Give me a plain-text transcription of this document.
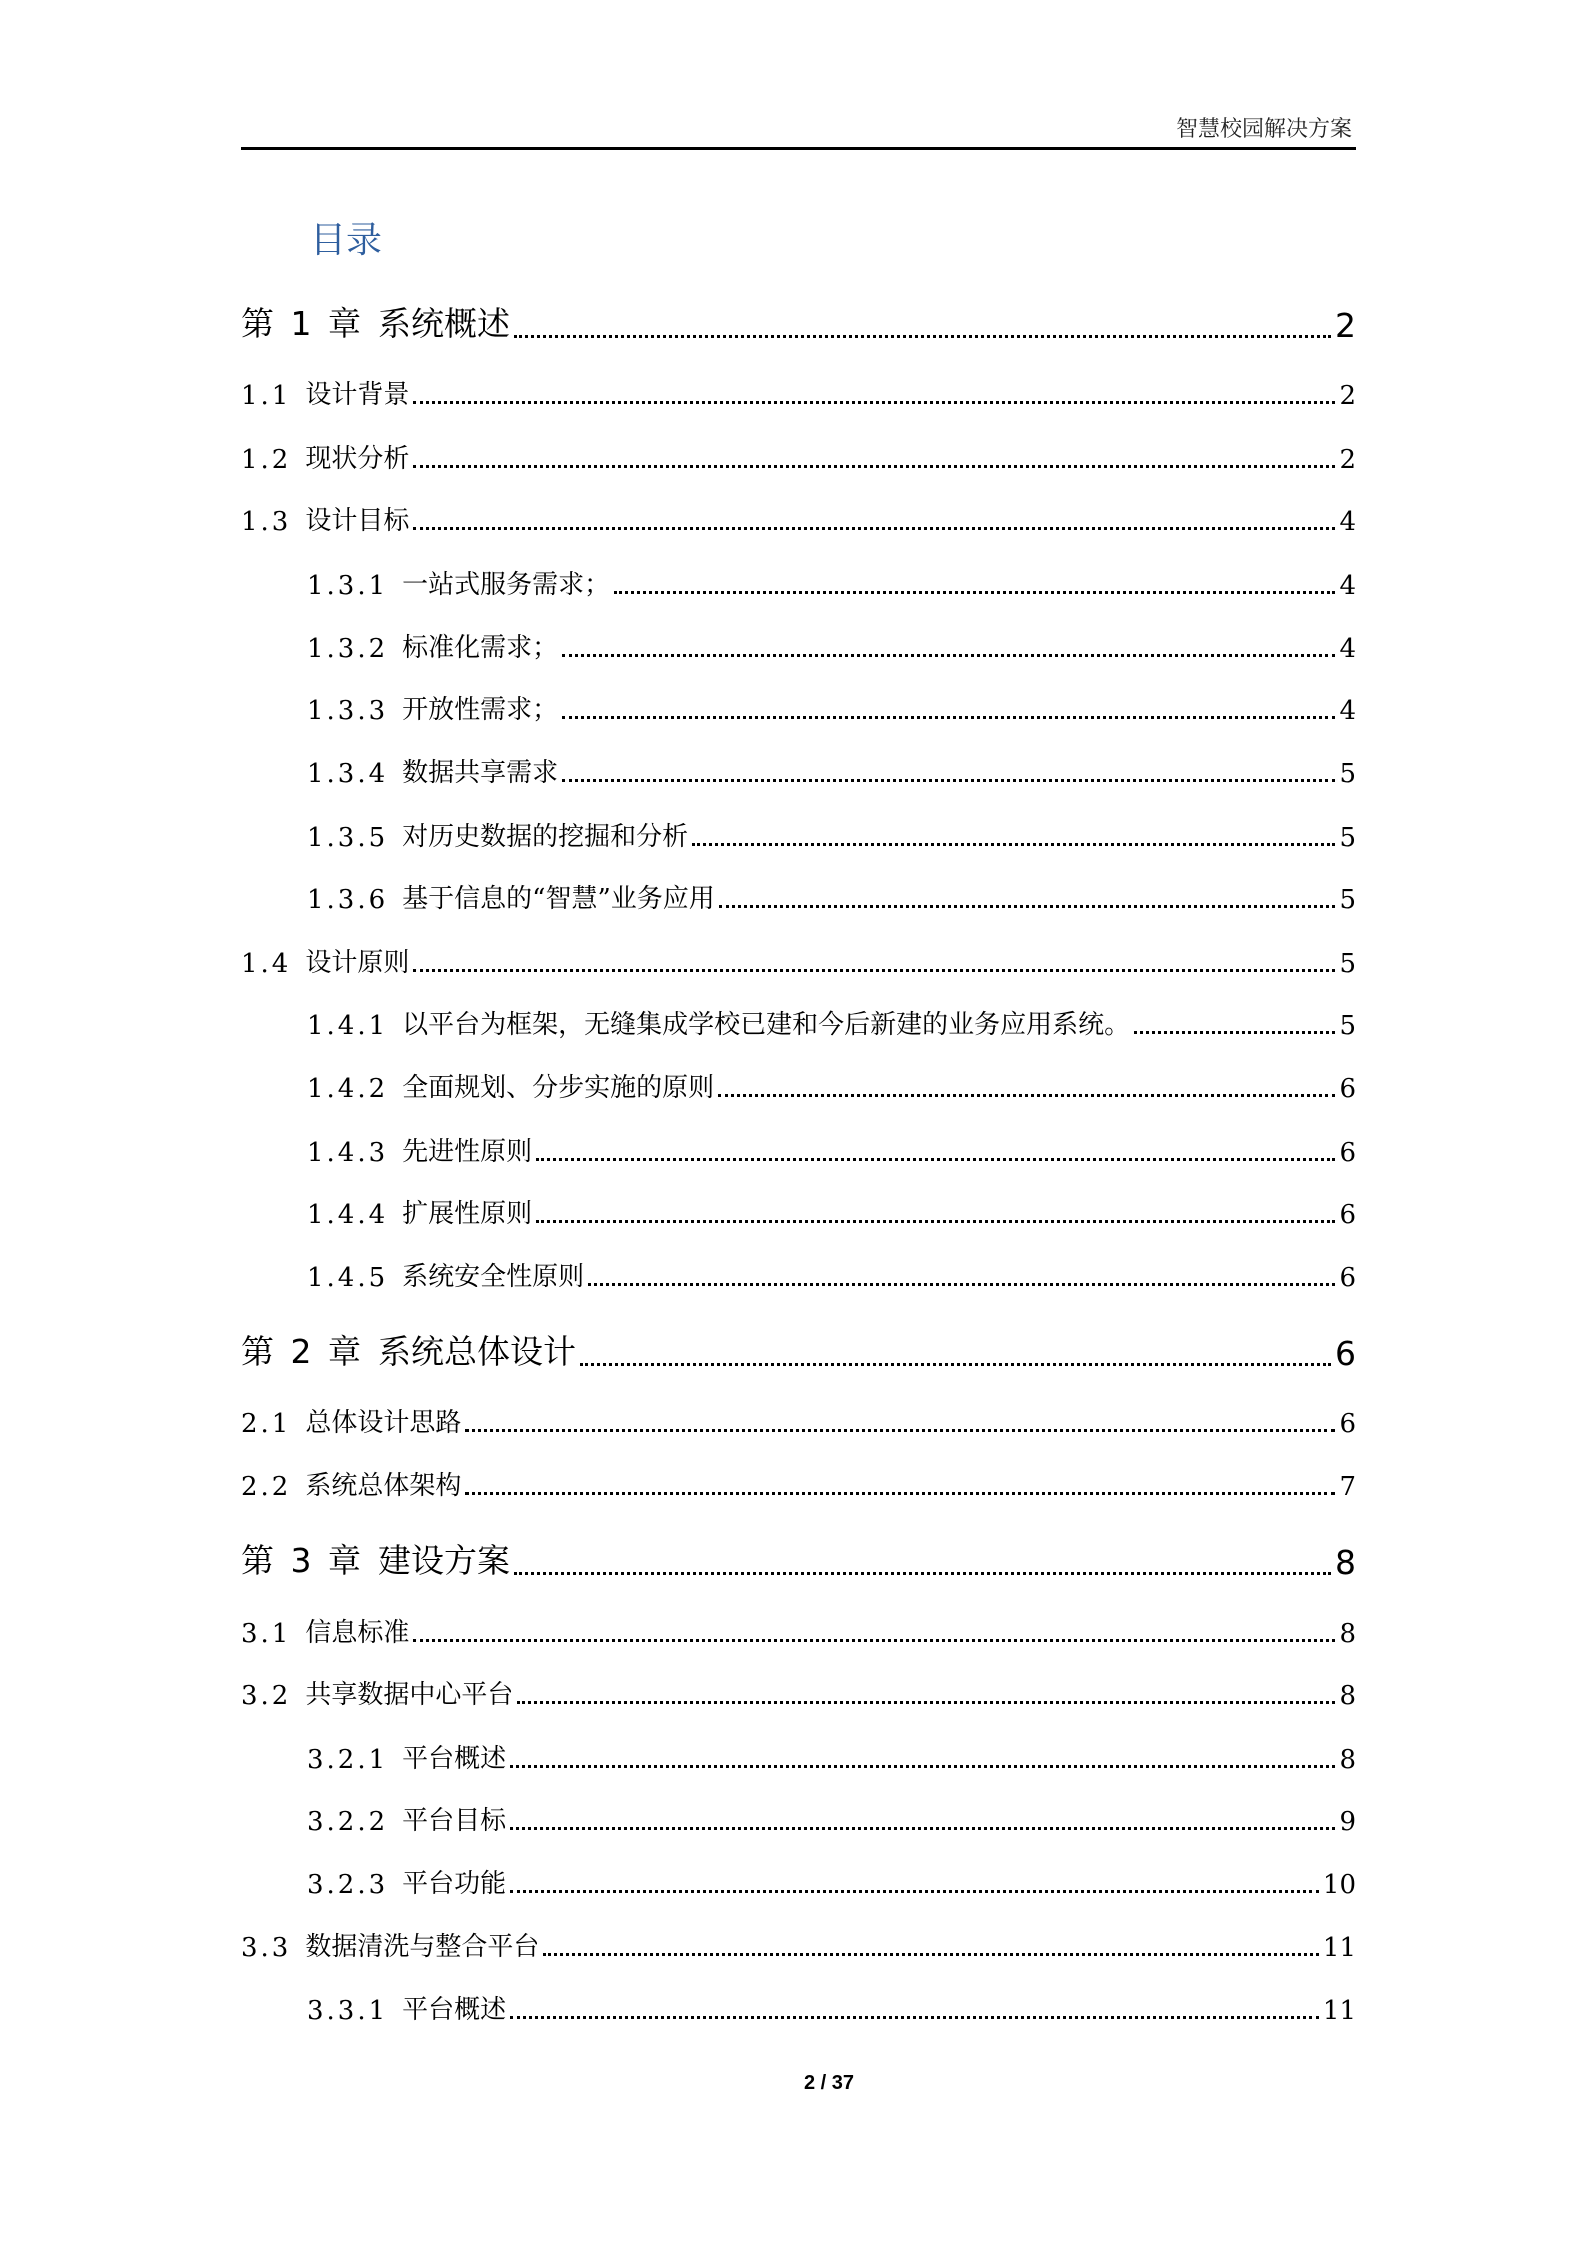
智慧校园解决方案
目录
第 1 章 系统概述	2
1.1 设计背景	2
1.2 现状分析	2
1.3 设计目标	4
1.3.1 一站式服务需求；	4
1.3.2 标准化需求；	4
1.3.3 开放性需求；	4
1.3.4 数据共享需求	5
1.3.5 对历史数据的挖掘和分析	5
1.3.6 基于信息的“智慧”业务应用	5
1.4 设计原则	5
1.4.1 以平台为框架，无缝集成学校已建和今后新建的业务应用系统。	5
1.4.2 全面规划、分步实施的原则	6
1.4.3 先进性原则	6
1.4.4 扩展性原则	6
1.4.5 系统安全性原则	6
第 2 章 系统总体设计	6
2.1 总体设计思路	6
2.2 系统总体架构	7
第 3 章 建设方案	8
3.1 信息标准	8
3.2 共享数据中心平台	8
3.2.1 平台概述	8
3.2.2 平台目标	9
3.2.3 平台功能	10
3.3 数据清洗与整合平台	11
3.3.1 平台概述	11
2 / 37
